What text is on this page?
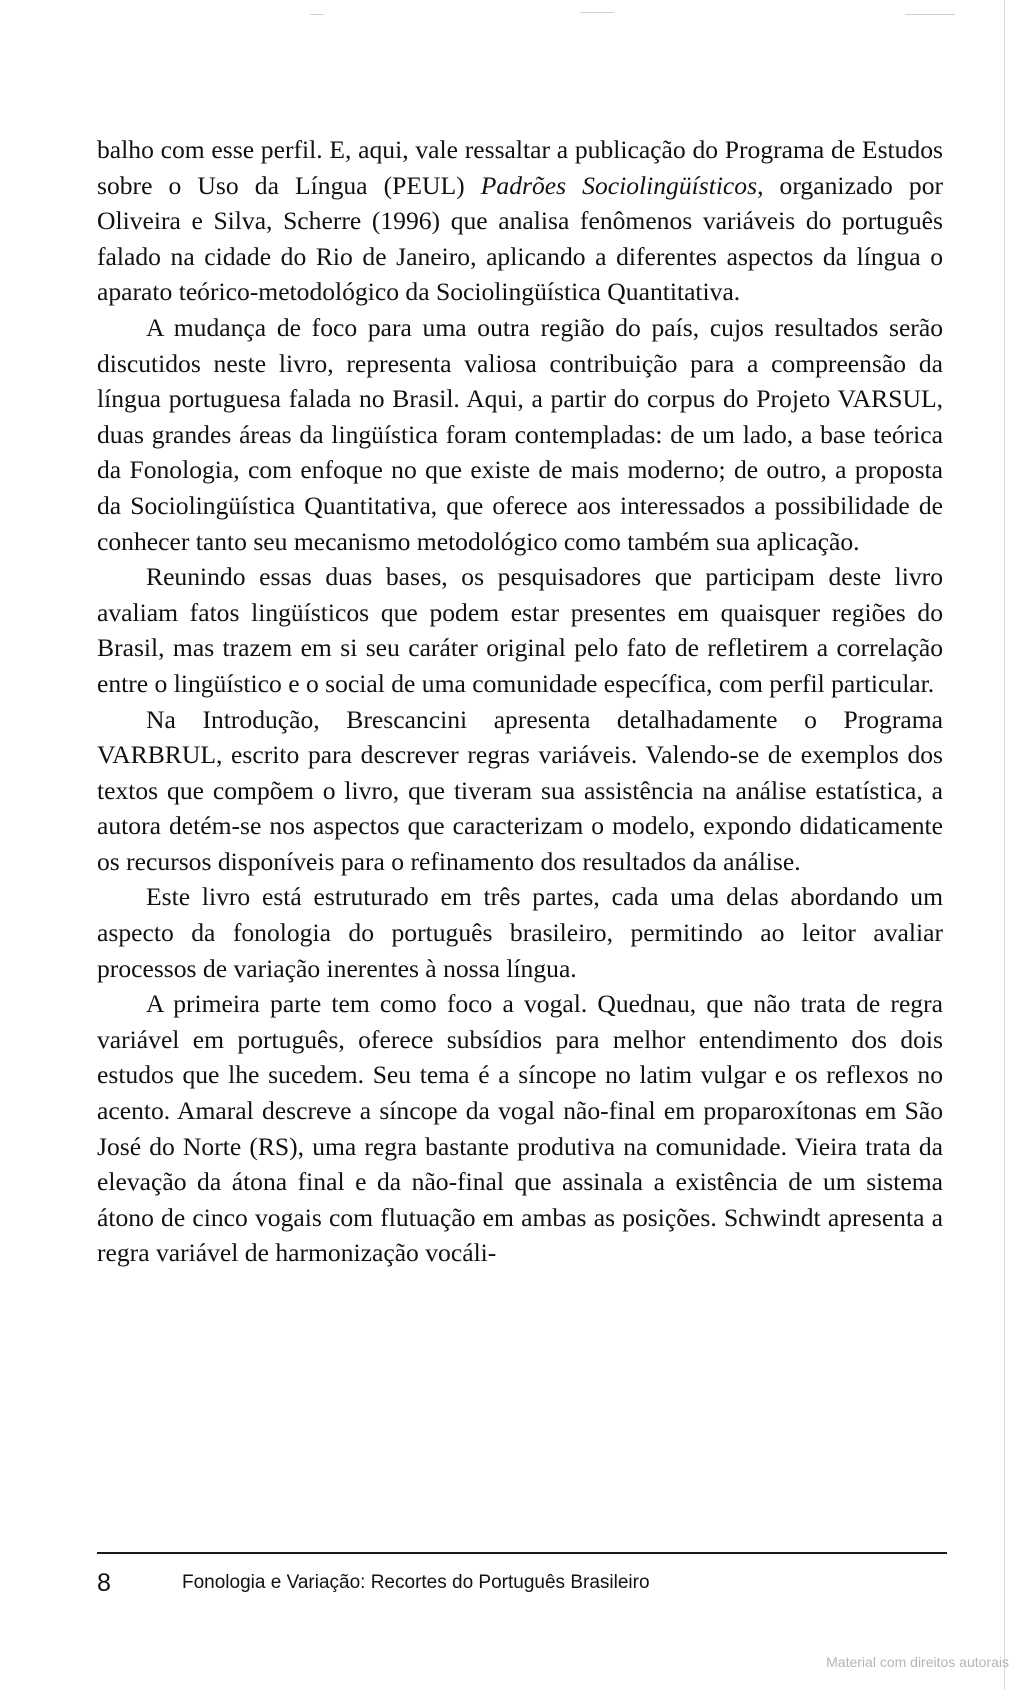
balho com esse perfil. E, aqui, vale ressaltar a publicação do Programa de Estudos sobre o Uso da Língua (PEUL) Padrões Sociolingüísticos, organizado por Oliveira e Silva, Scherre (1996) que analisa fenômenos variáveis do português falado na cidade do Rio de Janeiro, aplicando a diferentes aspectos da língua o aparato teórico-metodológico da Sociolingüística Quantitativa.

A mudança de foco para uma outra região do país, cujos resultados serão discutidos neste livro, representa valiosa contribuição para a compreensão da língua portuguesa falada no Brasil. Aqui, a partir do corpus do Projeto VARSUL, duas grandes áreas da lingüística foram contempladas: de um lado, a base teórica da Fonologia, com enfoque no que existe de mais moderno; de outro, a proposta da Sociolingüística Quantitativa, que oferece aos interessados a possibilidade de conhecer tanto seu mecanismo metodológico como também sua aplicação.

Reunindo essas duas bases, os pesquisadores que participam deste livro avaliam fatos lingüísticos que podem estar presentes em quaisquer regiões do Brasil, mas trazem em si seu caráter original pelo fato de refletirem a correlação entre o lingüístico e o social de uma comunidade específica, com perfil particular.

Na Introdução, Brescancini apresenta detalhadamente o Programa VARBRUL, escrito para descrever regras variáveis. Valendo-se de exemplos dos textos que compõem o livro, que tiveram sua assistência na análise estatística, a autora detém-se nos aspectos que caracterizam o modelo, expondo didaticamente os recursos disponíveis para o refinamento dos resultados da análise.

Este livro está estruturado em três partes, cada uma delas abordando um aspecto da fonologia do português brasileiro, permitindo ao leitor avaliar processos de variação inerentes à nossa língua.

A primeira parte tem como foco a vogal. Quednau, que não trata de regra variável em português, oferece subsídios para melhor entendimento dos dois estudos que lhe sucedem. Seu tema é a síncope no latim vulgar e os reflexos no acento. Amaral descreve a síncope da vogal não-final em proparoxítonas em São José do Norte (RS), uma regra bastante produtiva na comunidade. Vieira trata da elevação da átona final e da não-final que assinala a existência de um sistema átono de cinco vogais com flutuação em ambas as posições. Schwindt apresenta a regra variável de harmonização vocáli-

8	Fonologia e Variação: Recortes do Português Brasileiro
Material com direitos autorais
